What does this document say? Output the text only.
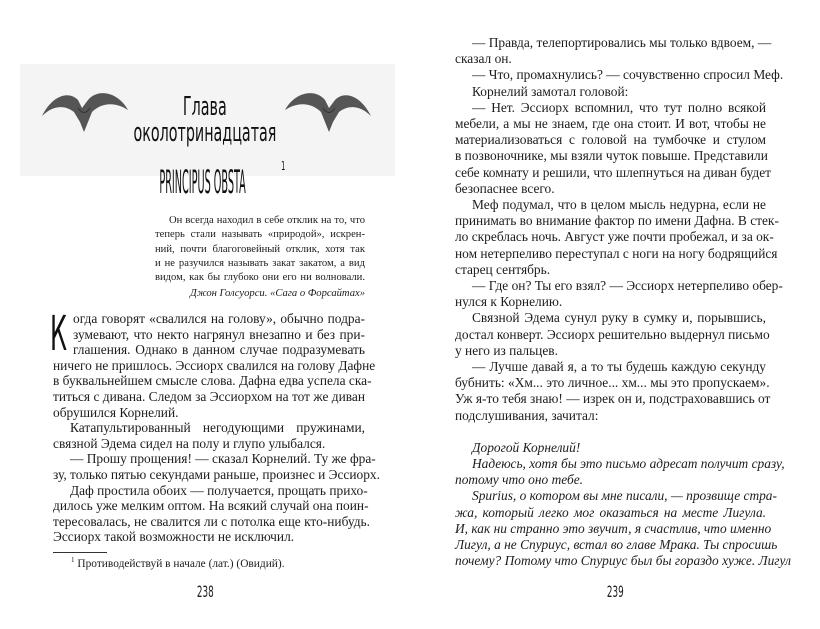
Глава
околотринадцатая
PRINCIPUS OBSTA	$^1$
Он всегда находил в себе отклик на то, что
теперь стали называть «природой», искрен-
ний, почти благоговейный отклик, хотя так
и не разучился называть закат закатом, а вид
видом, как бы глубоко они его ни волновали.
Джон Голсуорси. «Сага о Форсайтах»
К огда говорят «свалился на голову», обычно подра-
зумевают, что некто нагрянул внезапно и без при-
глашения. Однако в данном случае подразумевать
ничего не пришлось. Эссиорх свалился на голову Дафне
в буквальнейшем смысле слова. Дафна едва успела ска-
титься с дивана. Следом за Эссиорхом на тот же диван
обрушился Корнелий.
Катапультированный негодующими пружинами,
связной Эдема сидел на полу и глупо улыбался.
— Прошу прощения! — сказал Корнелий. Ту же фра-
зу, только пятью секундами раньше, произнес и Эссиорх.
Даф простила обоих — получается, прощать прихо-
дилось уже мелким оптом. На всякий случай она поин-
тересовалась, не свалится ли с потолка еще кто-нибудь.
Эссиорх такой возможности не исключил.
$^1$ Противодействуй в начале (лат.) (Овидий).
238
— Правда, телепортировались мы только вдвоем, —
сказал он.
— Что, промахнулись? — сочувственно спросил Меф.
Корнелий замотал головой:
— Нет. Эссиорх вспомнил, что тут полно всякой
мебели, а мы не знаем, где она стоит. И вот, чтобы не
материализоваться с головой на тумбочке и стулом
в позвоночнике, мы взяли чуток повыше. Представили
себе комнату и решили, что шлепнуться на диван будет
безопаснее всего.
Меф подумал, что в целом мысль недурна, если не
принимать во внимание фактор по имени Дафна. В стек-
ло скреблась ночь. Август уже почти пробежал, и за ок-
ном нетерпеливо переступал с ноги на ногу бодрящийся
старец сентябрь.
— Где он? Ты его взял? — Эссиорх нетерпеливо обер-
нулся к Корнелию.
Связной Эдема сунул руку в сумку и, порывшись,
достал конверт. Эссиорх решительно выдернул письмо
у него из пальцев.
— Лучше давай я, а то ты будешь каждую секунду
бубнить: «Хм... это личное... хм... мы это пропускаем».
Уж я-то тебя знаю! — изрек он и, подстраховавшись от
подслушивания, зачитал:
Дорогой Корнелий!
Надеюсь, хотя бы это письмо адресат получит сразу,
потому что оно тебе.
Spurius, о котором вы мне писали, — прозвище стра-
жа, который легко мог оказаться на месте Лигула.
И, как ни странно это звучит, я счастлив, что именно
Лигул, а не Спуриус, встал во главе Мрака. Ты спросишь
почему? Потому что Спуриус был бы гораздо хуже. Лигул
239
